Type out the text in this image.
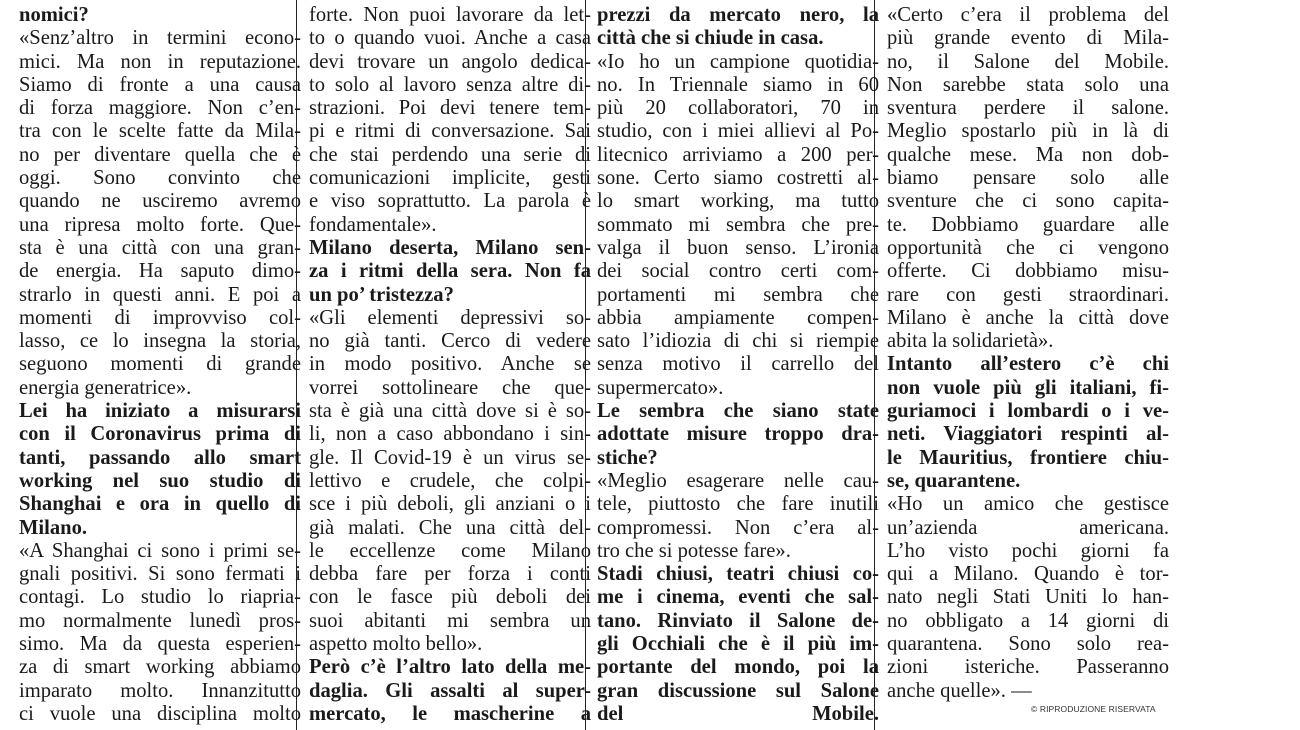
nomici?
«Senz’altro in termini econo-
mici. Ma non in reputazione.
Siamo di fronte a una causa
di forza maggiore. Non c’en-
tra con le scelte fatte da Mila-
no per diventare quella che è
oggi. Sono convinto che
quando ne usciremo avremo
una ripresa molto forte. Que-
sta è una città con una gran-
de energia. Ha saputo dimo-
strarlo in questi anni. E poi a
momenti di improvviso col-
lasso, ce lo insegna la storia,
seguono momenti di grande
energia generatrice».
Lei ha iniziato a misurarsi
con il Coronavirus prima di
tanti, passando allo smart
working nel suo studio di
Shanghai e ora in quello di
Milano.
«A Shanghai ci sono i primi se-
gnali positivi. Si sono fermati i
contagi. Lo studio lo riapria-
mo normalmente lunedì pros-
simo. Ma da questa esperien-
za di smart working abbiamo
imparato molto. Innanzitutto
ci vuole una disciplina molto
forte. Non puoi lavorare da let-
to o quando vuoi. Anche a casa
devi trovare un angolo dedica-
to solo al lavoro senza altre di-
strazioni. Poi devi tenere tem-
pi e ritmi di conversazione. Sai
che stai perdendo una serie di
comunicazioni implicite, gesti
e viso soprattutto. La parola è
fondamentale».
Milano deserta, Milano sen-
za i ritmi della sera. Non fa
un po’ tristezza?
«Gli elementi depressivi so-
no già tanti. Cerco di vedere
in modo positivo. Anche se
vorrei sottolineare che que-
sta è già una città dove si è so-
li, non a caso abbondano i sin-
gle. Il Covid-19 è un virus se-
lettivo e crudele, che colpi-
sce i più deboli, gli anziani o i
già malati. Che una città del-
le eccellenze come Milano
debba fare per forza i conti
con le fasce più deboli dei
suoi abitanti mi sembra un
aspetto molto bello».
Però c’è l’altro lato della me-
daglia. Gli assalti al super-
mercato, le mascherine a
prezzi da mercato nero, la
città che si chiude in casa.
«Io ho un campione quotidia-
no. In Triennale siamo in 60
più 20 collaboratori, 70 in
studio, con i miei allievi al Po-
litecnico arriviamo a 200 per-
sone. Certo siamo costretti al-
lo smart working, ma tutto
sommato mi sembra che pre-
valga il buon senso. L’ironia
dei social contro certi com-
portamenti mi sembra che
abbia ampiamente compen-
sato l’idiozia di chi si riempie
senza motivo il carrello del
supermercato».
Le sembra che siano state
adottate misure troppo dra-
stiche?
«Meglio esagerare nelle cau-
tele, piuttosto che fare inutili
compromessi. Non c’era al-
tro che si potesse fare».
Stadi chiusi, teatri chiusi co-
me i cinema, eventi che sal-
tano. Rinviato il Salone de-
gli Occhiali che è il più im-
portante del mondo, poi la
gran discussione sul Salone
del Mobile.
«Certo c’era il problema del
più grande evento di Mila-
no, il Salone del Mobile.
Non sarebbe stata solo una
sventura perdere il salone.
Meglio spostarlo più in là di
qualche mese. Ma non dob-
biamo pensare solo alle
sventure che ci sono capita-
te. Dobbiamo guardare alle
opportunità che ci vengono
offerte. Ci dobbiamo misu-
rare con gesti straordinari.
Milano è anche la città dove
abita la solidarietà».
Intanto all’estero c’è chi
non vuole più gli italiani, fi-
guriamoci i lombardi o i ve-
neti. Viaggiatori respinti al-
le Mauritius, frontiere chiu-
se, quarantene.
«Ho un amico che gestisce
un’azienda americana.
L’ho visto pochi giorni fa
qui a Milano. Quando è tor-
nato negli Stati Uniti lo han-
no obbligato a 14 giorni di
quarantena. Sono solo rea-
zioni isteriche. Passeranno
anche quelle». —
© RIPRODUZIONE RISERVATA
